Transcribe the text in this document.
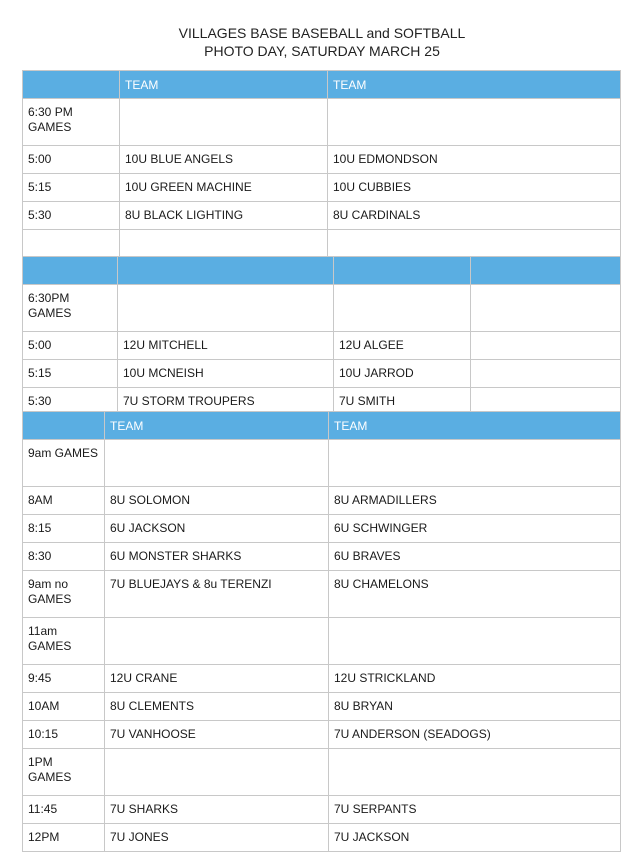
VILLAGES BASE BASEBALL and SOFTBALL
PHOTO DAY, SATURDAY MARCH 25
	TEAM	TEAM
6:30 PM GAMES		
5:00	10U BLUE ANGELS	10U EDMONDSON
5:15	10U GREEN MACHINE	10U CUBBIES
5:30	8U BLACK LIGHTING	8U CARDINALS

6:30PM GAMES			
5:00	12U MITCHELL	12U ALGEE	
5:15	10U MCNEISH	10U JARROD	
5:30	7U STORM TROUPERS	7U SMITH	
	TEAM	TEAM
9am GAMES		
8AM	8U SOLOMON	8U ARMADILLERS
8:15	6U JACKSON	6U SCHWINGER
8:30	6U MONSTER SHARKS	6U BRAVES
9am no GAMES	7U BLUEJAYS & 8u TERENZI	8U CHAMELONS
11am GAMES		
9:45	12U CRANE	12U STRICKLAND
10AM	8U CLEMENTS	8U BRYAN
10:15	7U VANHOOSE	7U ANDERSON (SEADOGS)
1PM GAMES		
11:45	7U SHARKS	7U SERPANTS
12PM	7U JONES	7U JACKSON
